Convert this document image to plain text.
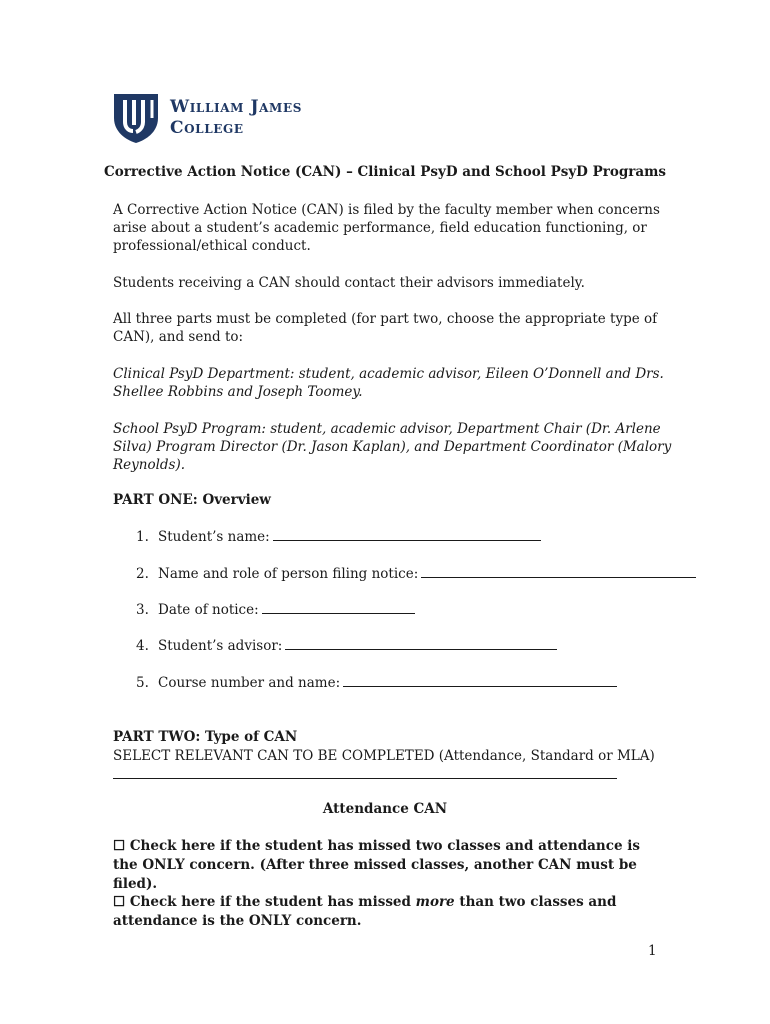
William James
College
Corrective Action Notice (CAN) – Clinical PsyD and School PsyD Programs
A Corrective Action Notice (CAN) is filed by the faculty member when concerns arise about a student’s academic performance, field education functioning, or professional/ethical conduct.
Students receiving a CAN should contact their advisors immediately.
All three parts must be completed (for part two, choose the appropriate type of CAN), and send to:
Clinical PsyD Department: student, academic advisor, Eileen O’Donnell and Drs. Shellee Robbins and Joseph Toomey.
School PsyD Program: student, academic advisor, Department Chair (Dr. Arlene Silva) Program Director (Dr. Jason Kaplan), and Department Coordinator (Malory Reynolds).
PART ONE: Overview
1. Student’s name:
2. Name and role of person filing notice:
3. Date of notice:
4. Student’s advisor:
5. Course number and name:
PART TWO: Type of CAN
SELECT RELEVANT CAN TO BE COMPLETED (Attendance, Standard or MLA)
Attendance CAN
☐ Check here if the student has missed two classes and attendance is the ONLY concern. (After three missed classes, another CAN must be filed).
☐ Check here if the student has missed more than two classes and attendance is the ONLY concern.
1
